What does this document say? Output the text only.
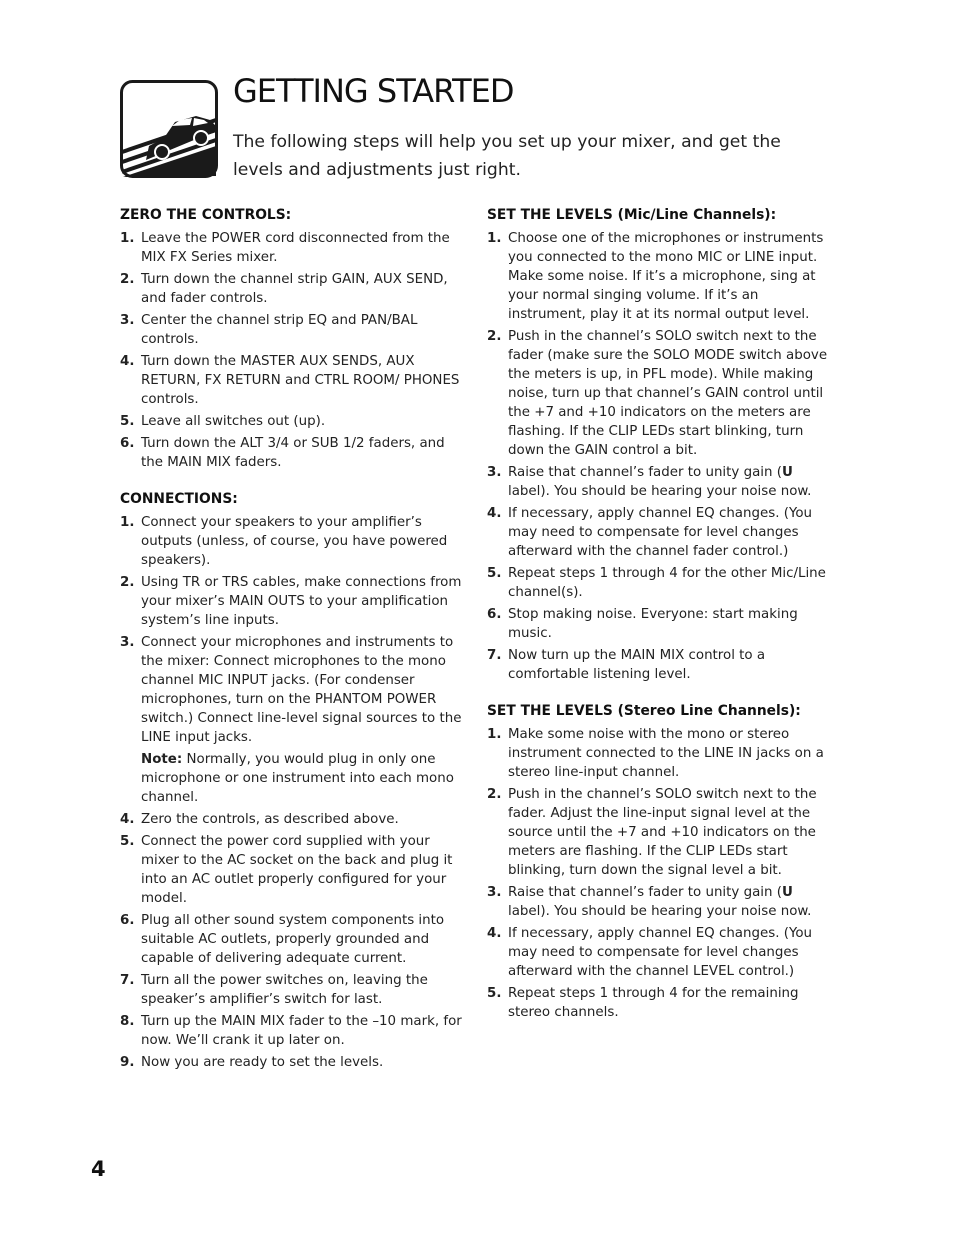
GETTING STARTED

The following steps will help you set up your mixer, and get the levels and adjustments just right.

ZERO THE CONTROLS:
1. Leave the POWER cord disconnected from the MIX FX Series mixer.
2. Turn down the channel strip GAIN, AUX SEND, and fader controls.
3. Center the channel strip EQ and PAN/BAL controls.
4. Turn down the MASTER AUX SENDS, AUX RETURN, FX RETURN and CTRL ROOM/ PHONES controls.
5. Leave all switches out (up).
6. Turn down the ALT 3/4 or SUB 1/2 faders, and the MAIN MIX faders.
CONNECTIONS:
1. Connect your speakers to your amplifier’s outputs (unless, of course, you have powered speakers).
2. Using TR or TRS cables, make connections from your mixer’s MAIN OUTS to your amplification system’s line inputs.
3. Connect your microphones and instruments to the mixer: Connect microphones to the mono channel MIC INPUT jacks. (For condenser microphones, turn on the PHANTOM POWER switch.) Connect line-level signal sources to the LINE input jacks.
Note: Normally, you would plug in only one microphone or one instrument into each mono channel.
4. Zero the controls, as described above.
5. Connect the power cord supplied with your mixer to the AC socket on the back and plug it into an AC outlet properly configured for your model.
6. Plug all other sound system components into suitable AC outlets, properly grounded and capable of delivering adequate current.
7. Turn all the power switches on, leaving the speaker’s amplifier’s switch for last.
8. Turn up the MAIN MIX fader to the –10 mark, for now. We’ll crank it up later on.
9. Now you are ready to set the levels.
SET THE LEVELS (Mic/Line Channels):
1. Choose one of the microphones or instruments you connected to the mono MIC or LINE input. Make some noise. If it’s a microphone, sing at your normal singing volume. If it’s an instrument, play it at its normal output level.
2. Push in the channel’s SOLO switch next to the fader (make sure the SOLO MODE switch above the meters is up, in PFL mode). While making noise, turn up that channel’s GAIN control until the +7 and +10 indicators on the meters are flashing. If the CLIP LEDs start blinking, turn down the GAIN control a bit.
3. Raise that channel’s fader to unity gain (U label). You should be hearing your noise now.
4. If necessary, apply channel EQ changes. (You may need to compensate for level changes afterward with the channel fader control.)
5. Repeat steps 1 through 4 for the other Mic/Line channel(s).
6. Stop making noise. Everyone: start making music.
7. Now turn up the MAIN MIX control to a comfortable listening level.
SET THE LEVELS (Stereo Line Channels):
1. Make some noise with the mono or stereo instrument connected to the LINE IN jacks on a stereo line-input channel.
2. Push in the channel’s SOLO switch next to the fader. Adjust the line-input signal level at the source until the +7 and +10 indicators on the meters are flashing. If the CLIP LEDs start blinking, turn down the signal level a bit.
3. Raise that channel’s fader to unity gain (U label). You should be hearing your noise now.
4. If necessary, apply channel EQ changes. (You may need to compensate for level changes afterward with the channel LEVEL control.)
5. Repeat steps 1 through 4 for the remaining stereo channels.
4
